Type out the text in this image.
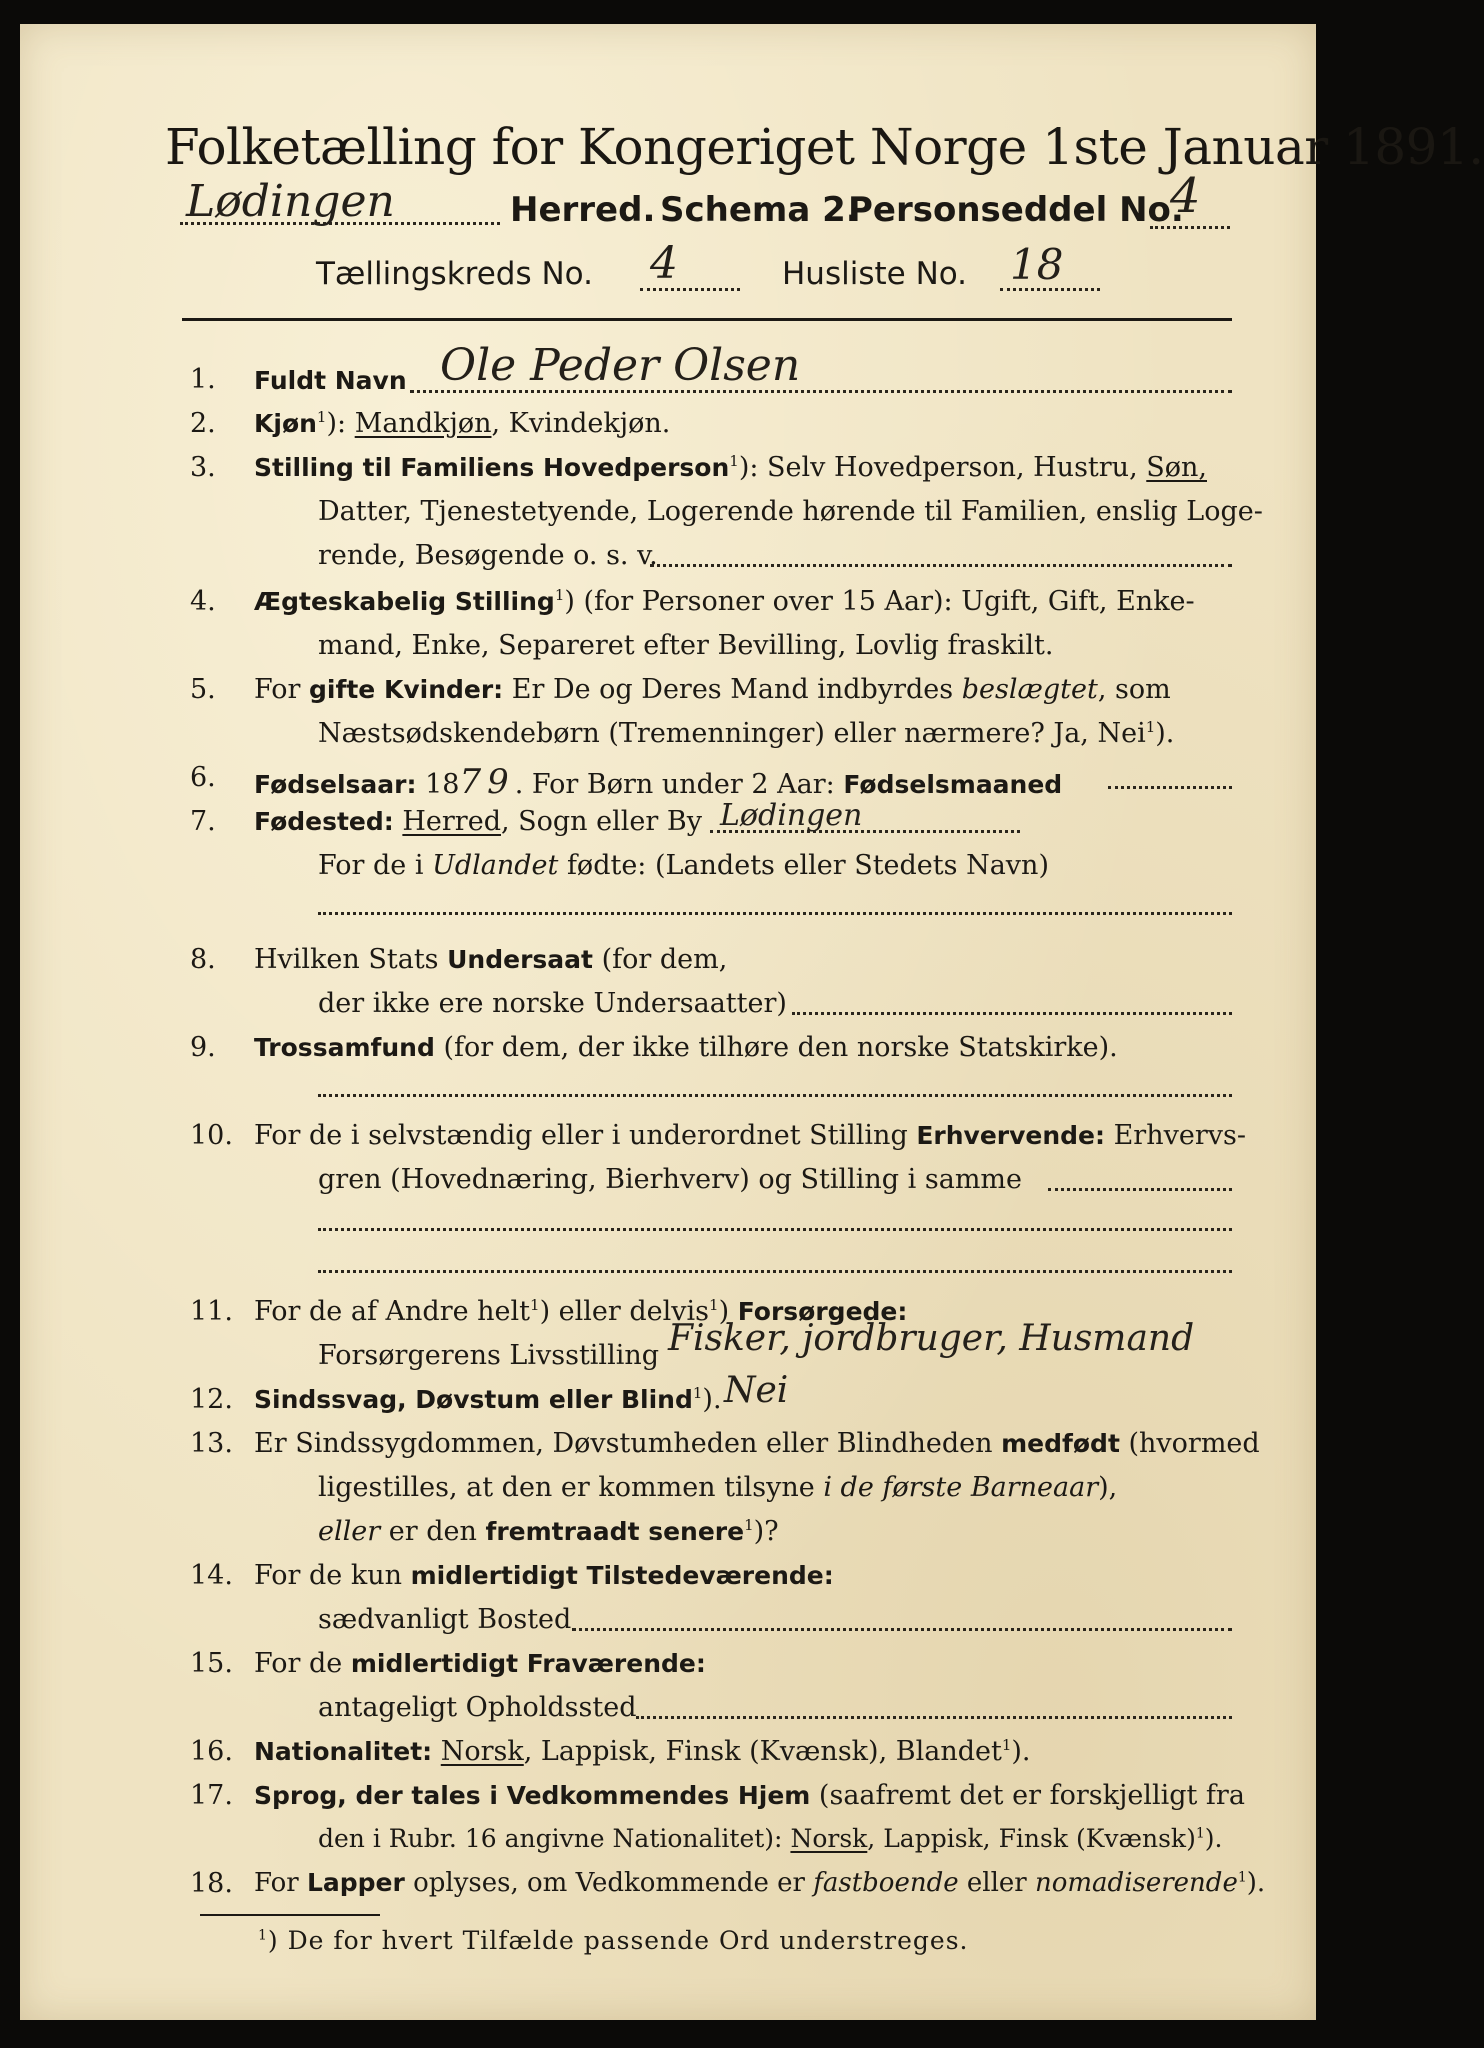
Folketælling for Kongeriget Norge 1ste Januar 1891.
Lødingen	Herred. Schema 2.
Personseddel No.
4
Tællingskreds No. 4	Husliste No. 18
1.	Fuldt Navn Ole Peder Olsen
2.	Kjøn$^1$): Mandkjøn, Kvindekjøn.
3.	Stilling til Familiens Hovedperson$^1$): Selv Hovedperson, Hustru, Søn,
Datter, Tjenestetyende, Logerende hørende til Familien, enslig Loge-
rende, Besøgende o. s. v.
4.	Ægteskabelig Stilling$^1$) (for Personer over 15 Aar): Ugift, Gift, Enke-
mand, Enke, Separeret efter Bevilling, Lovlig fraskilt.
5.	For gifte Kvinder: Er De og Deres Mand indbyrdes beslægtet, som
Næstsødskendebørn (Tremenninger) eller nærmere? Ja, Nei$^1$).
6.	Fødselsaar: 1879. For Børn under 2 Aar: Fødselsmaaned
7.	Fødested: Herred, Sogn eller By Lødingen
For de i Udlandet fødte: (Landets eller Stedets Navn)
8.	Hvilken Stats Undersaat (for dem,
der ikke ere norske Undersaatter)
9.	Trossamfund (for dem, der ikke tilhøre den norske Statskirke).
10. For de i selvstændig eller i underordnet Stilling Erhvervende: Erhvervs-
gren (Hovednæring, Bierhverv) og Stilling i samme
11. For de af Andre helt$^1$) eller delvis$^1$) Forsørgede:
Forsørgerens Livsstilling Fisker, jordbruger, Husmand
12. Sindssvag, Døvstum eller Blind$^1$). Nei
13. Er Sindssygdommen, Døvstumheden eller Blindheden medfødt (hvormed
ligestilles, at den er kommen tilsyne i de første Barneaar),
eller er den fremtraadt senere$^1$)?
14. For de kun midlertidigt Tilstedeværende:
sædvanligt Bosted
15. For de midlertidigt Fraværende:
antageligt Opholdssted
16. Nationalitet: Norsk, Lappisk, Finsk (Kvænsk), Blandet$^1$).
17. Sprog, der tales i Vedkommendes Hjem (saafremt det er forskjelligt fra
den i Rubr. 16 angivne Nationalitet): Norsk, Lappisk, Finsk (Kvænsk)$^1$).
18. For Lapper oplyses, om Vedkommende er fastboende eller nomadiserende$^1$).
$^1$) De for hvert Tilfælde passende Ord understreges.
